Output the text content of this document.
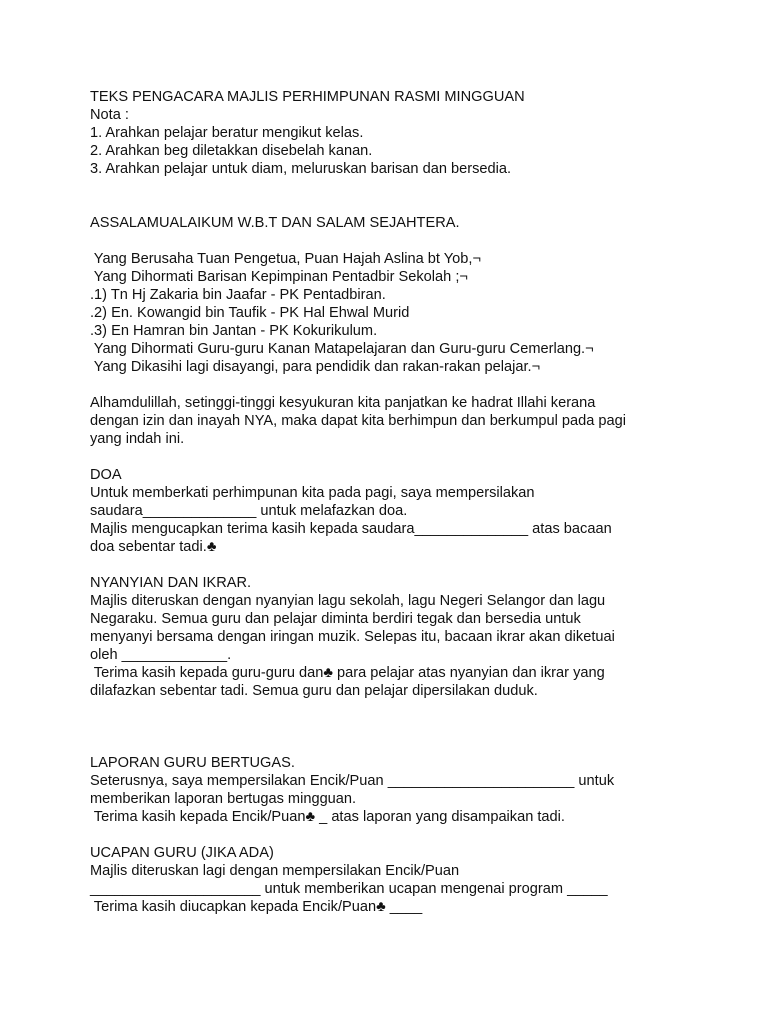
TEKS PENGACARA MAJLIS PERHIMPUNAN RASMI MINGGUAN
Nota :
1. Arahkan pelajar beratur mengikut kelas.
2. Arahkan beg diletakkan disebelah kanan.
3. Arahkan pelajar untuk diam, meluruskan barisan dan bersedia.
ASSALAMUALAIKUM W.B.T DAN SALAM SEJAHTERA.
Yang Berusaha Tuan Pengetua, Puan Hajah Aslina bt Yob,¬
Yang Dihormati Barisan Kepimpinan Pentadbir Sekolah ;¬
.1) Tn Hj Zakaria bin Jaafar - PK Pentadbiran.
.2) En. Kowangid bin Taufik - PK Hal Ehwal Murid
.3) En Hamran bin Jantan - PK Kokurikulum.
Yang Dihormati Guru-guru Kanan Matapelajaran dan Guru-guru Cemerlang.¬
Yang Dikasihi lagi disayangi, para pendidik dan rakan-rakan pelajar.¬
Alhamdulillah, setinggi-tinggi kesyukuran kita panjatkan ke hadrat Illahi kerana
dengan izin dan inayah NYA, maka dapat kita berhimpun dan berkumpul pada pagi
yang indah ini.
DOA
Untuk memberkati perhimpunan kita pada pagi, saya mempersilakan
saudara______________ untuk melafazkan doa.
Majlis mengucapkan terima kasih kepada saudara______________ atas bacaan
doa sebentar tadi.♣
NYANYIAN DAN IKRAR.
Majlis diteruskan dengan nyanyian lagu sekolah, lagu Negeri Selangor dan lagu
Negaraku. Semua guru dan pelajar diminta berdiri tegak dan bersedia untuk
menyanyi bersama dengan iringan muzik. Selepas itu, bacaan ikrar akan diketuai
oleh _____________.
Terima kasih kepada guru-guru dan♣ para pelajar atas nyanyian dan ikrar yang
dilafazkan sebentar tadi. Semua guru dan pelajar dipersilakan duduk.
LAPORAN GURU BERTUGAS.
Seterusnya, saya mempersilakan Encik/Puan _______________________ untuk
memberikan laporan bertugas mingguan.
Terima kasih kepada Encik/Puan♣ _ atas laporan yang disampaikan tadi.
UCAPAN GURU (JIKA ADA)
Majlis diteruskan lagi dengan mempersilakan Encik/Puan
_____________________ untuk memberikan ucapan mengenai program _____
Terima kasih diucapkan kepada Encik/Puan♣ ____
